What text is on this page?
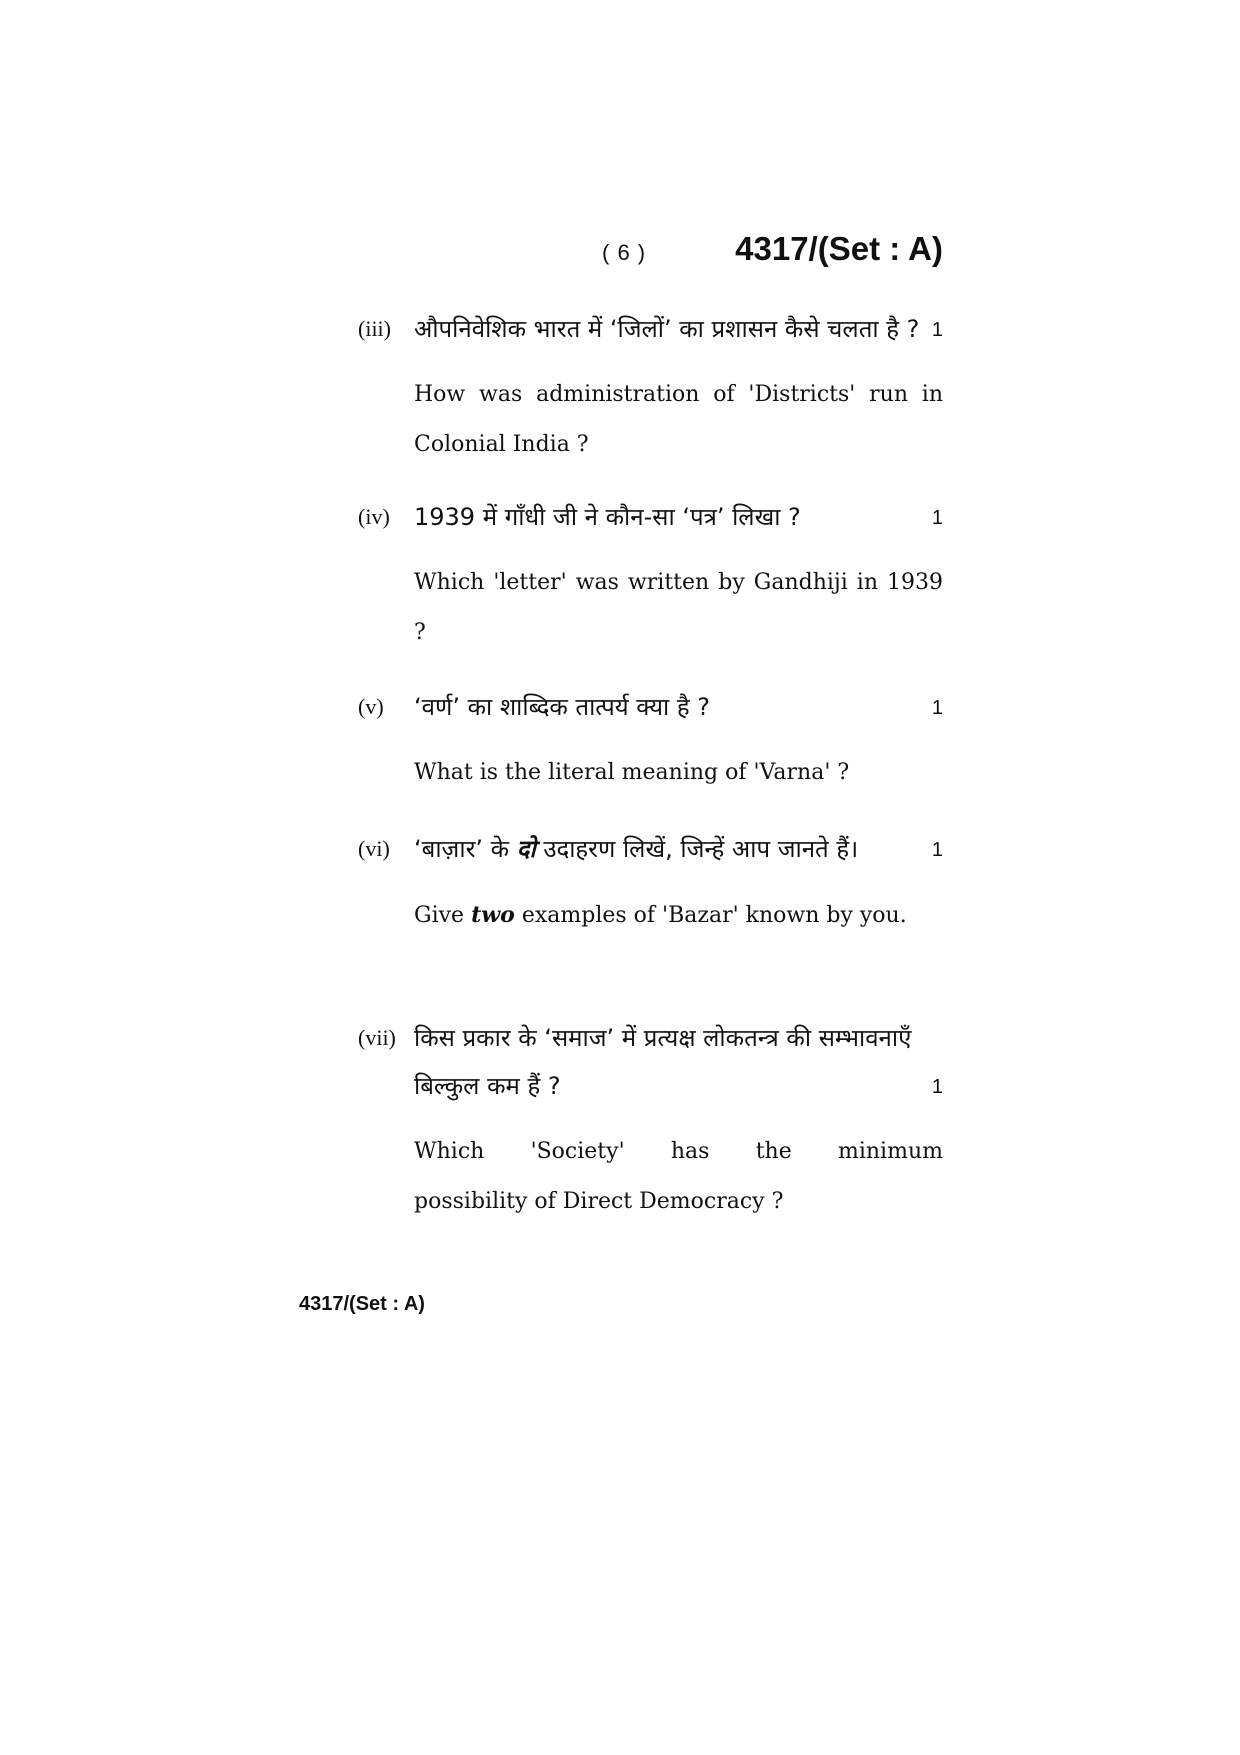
( 6 )	4317/(Set : A)
(iii) औपनिवेशिक भारत में ‘जिलों’ का प्रशासन कैसे चलता है ? 1
How was administration of 'Districts' run in Colonial India ?
(iv) 1939 में गाँधी जी ने कौन-सा ‘पत्र’ लिखा ?	1
Which 'letter' was written by Gandhiji in 1939 ?
(v) ‘वर्ण’ का शाब्दिक तात्पर्य क्या है ?	1
What is the literal meaning of 'Varna' ?
(vi) ‘बाज़ार’ के दो उदाहरण लिखें, जिन्हें आप जानते हैं।	1
Give two examples of 'Bazar' known by you.
(vii) किस प्रकार के ‘समाज’ में प्रत्यक्ष लोकतन्त्र की सम्भावनाएँ
बिल्कुल कम हैं ?	1
Which 'Society' has the minimum
possibility of Direct Democracy ?
4317/(Set : A)
